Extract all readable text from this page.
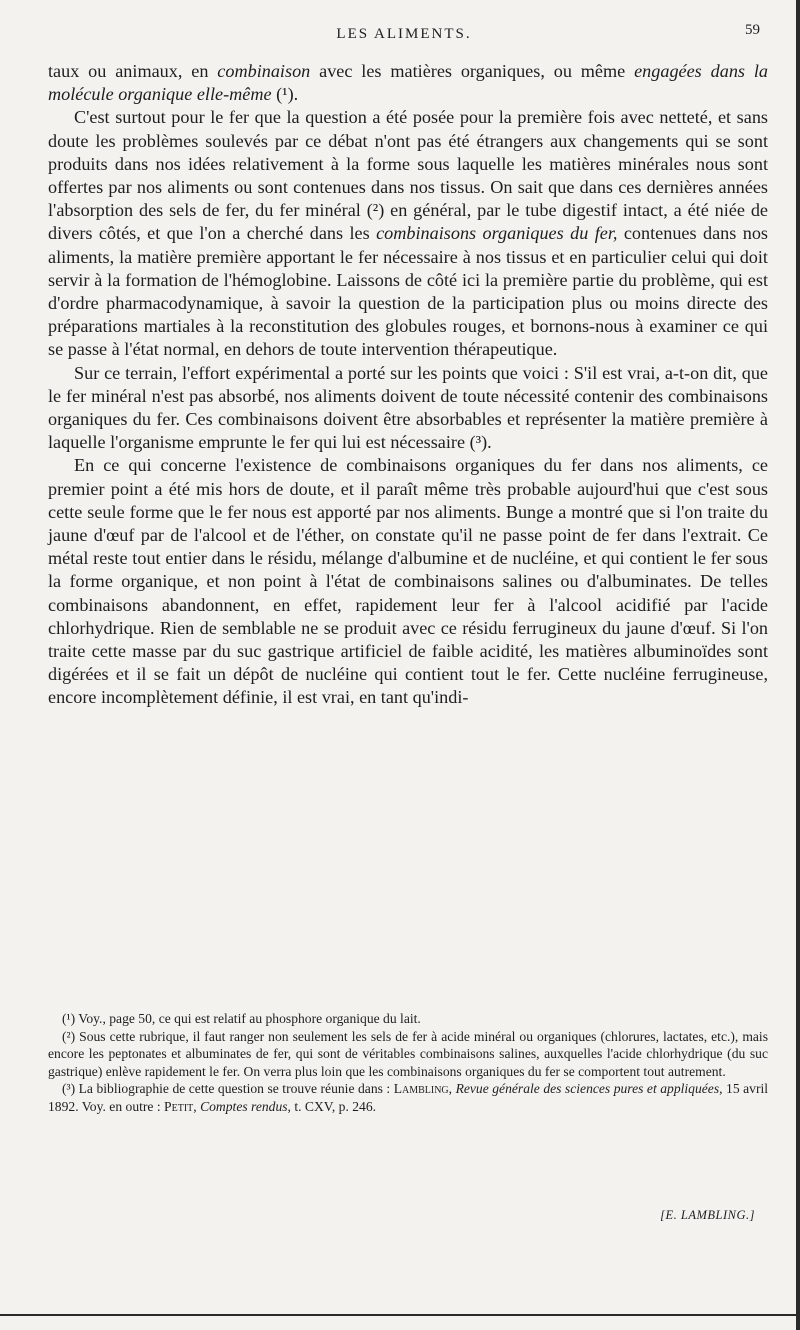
LES ALIMENTS.	59

taux ou animaux, en combinaison avec les matières organiques, ou même engagées dans la molécule organique elle-même (¹).

C'est surtout pour le fer que la question a été posée pour la première fois avec netteté, et sans doute les problèmes soulevés par ce débat n'ont pas été étrangers aux changements qui se sont produits dans nos idées relativement à la forme sous laquelle les matières minérales nous sont offertes par nos aliments ou sont contenues dans nos tissus. On sait que dans ces dernières années l'absorption des sels de fer, du fer minéral (²) en général, par le tube digestif intact, a été niée de divers côtés, et que l'on a cherché dans les combinaisons organiques du fer, contenues dans nos aliments, la matière première apportant le fer nécessaire à nos tissus et en particulier celui qui doit servir à la formation de l'hémoglobine. Laissons de côté ici la première partie du problème, qui est d'ordre pharmacodynamique, à savoir la question de la participation plus ou moins directe des préparations martiales à la reconstitution des globules rouges, et bornons-nous à examiner ce qui se passe à l'état normal, en dehors de toute intervention thérapeutique.

Sur ce terrain, l'effort expérimental a porté sur les points que voici : S'il est vrai, a-t-on dit, que le fer minéral n'est pas absorbé, nos aliments doivent de toute nécessité contenir des combinaisons organiques du fer. Ces combinaisons doivent être absorbables et représenter la matière première à laquelle l'organisme emprunte le fer qui lui est nécessaire (³).

En ce qui concerne l'existence de combinaisons organiques du fer dans nos aliments, ce premier point a été mis hors de doute, et il paraît même très probable aujourd'hui que c'est sous cette seule forme que le fer nous est apporté par nos aliments. Bunge a montré que si l'on traite du jaune d'œuf par de l'alcool et de l'éther, on constate qu'il ne passe point de fer dans l'extrait. Ce métal reste tout entier dans le résidu, mélange d'albumine et de nucléine, et qui contient le fer sous la forme organique, et non point à l'état de combinaisons salines ou d'albuminates. De telles combinaisons abandonnent, en effet, rapidement leur fer à l'alcool acidifié par l'acide chlorhydrique. Rien de semblable ne se produit avec ce résidu ferrugineux du jaune d'œuf. Si l'on traite cette masse par du suc gastrique artificiel de faible acidité, les matières albuminoïdes sont digérées et il se fait un dépôt de nucléine qui contient tout le fer. Cette nucléine ferrugineuse, encore incomplètement définie, il est vrai, en tant qu'indi-

(¹) Voy., page 50, ce qui est relatif au phosphore organique du lait.

(²) Sous cette rubrique, il faut ranger non seulement les sels de fer à acide minéral ou organiques (chlorures, lactates, etc.), mais encore les peptonates et albuminates de fer, qui sont de véritables combinaisons salines, auxquelles l'acide chlorhydrique (du suc gastrique) enlève rapidement le fer. On verra plus loin que les combinaisons organiques du fer se comportent tout autrement.

(³) La bibliographie de cette question se trouve réunie dans : Lambling, Revue générale des sciences pures et appliquées, 15 avril 1892. Voy. en outre : Petit, Comptes rendus, t. CXV, p. 246.

[E. LAMBLING.]
